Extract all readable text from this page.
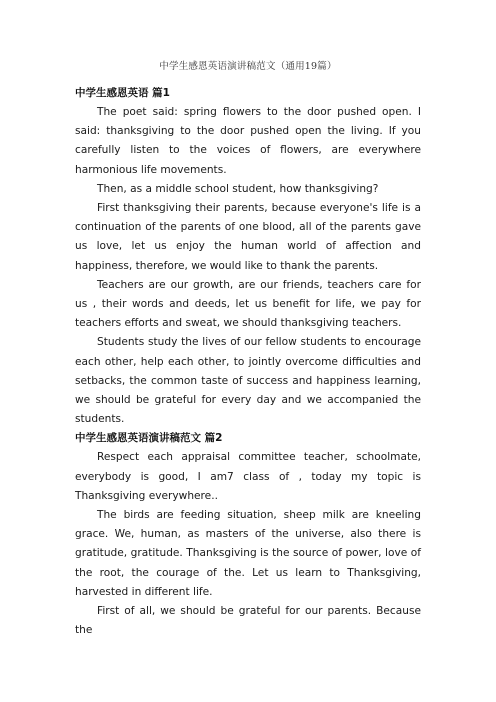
中学生感恩英语演讲稿范文（通用19篇）
中学生感恩英语 篇1

The poet said: spring flowers to the door pushed open. I said: thanksgiving to the door pushed open the living. If you carefully listen to the voices of flowers, are everywhere harmonious life movements.

Then, as a middle school student, how thanksgiving?

First thanksgiving their parents, because everyone's life is a continuation of the parents of one blood, all of the parents gave us love, let us enjoy the human world of affection and happiness, therefore, we would like to thank the parents.

Teachers are our growth, are our friends, teachers care for us , their words and deeds, let us benefit for life, we pay for teachers efforts and sweat, we should thanksgiving teachers.

Students study the lives of our fellow students to encourage each other, help each other, to jointly overcome difficulties and setbacks, the common taste of success and happiness learning, we should be grateful for every day and we accompanied the students.

中学生感恩英语演讲稿范文 篇2

Respect each appraisal committee teacher, schoolmate, everybody is good, I am7 class of , today my topic is Thanksgiving everywhere..

The birds are feeding situation, sheep milk are kneeling grace. We, human, as masters of the universe, also there is gratitude, gratitude. Thanksgiving is the source of power, love of the root, the courage of the. Let us learn to Thanksgiving, harvested in different life.

First of all, we should be grateful for our parents. Because the
